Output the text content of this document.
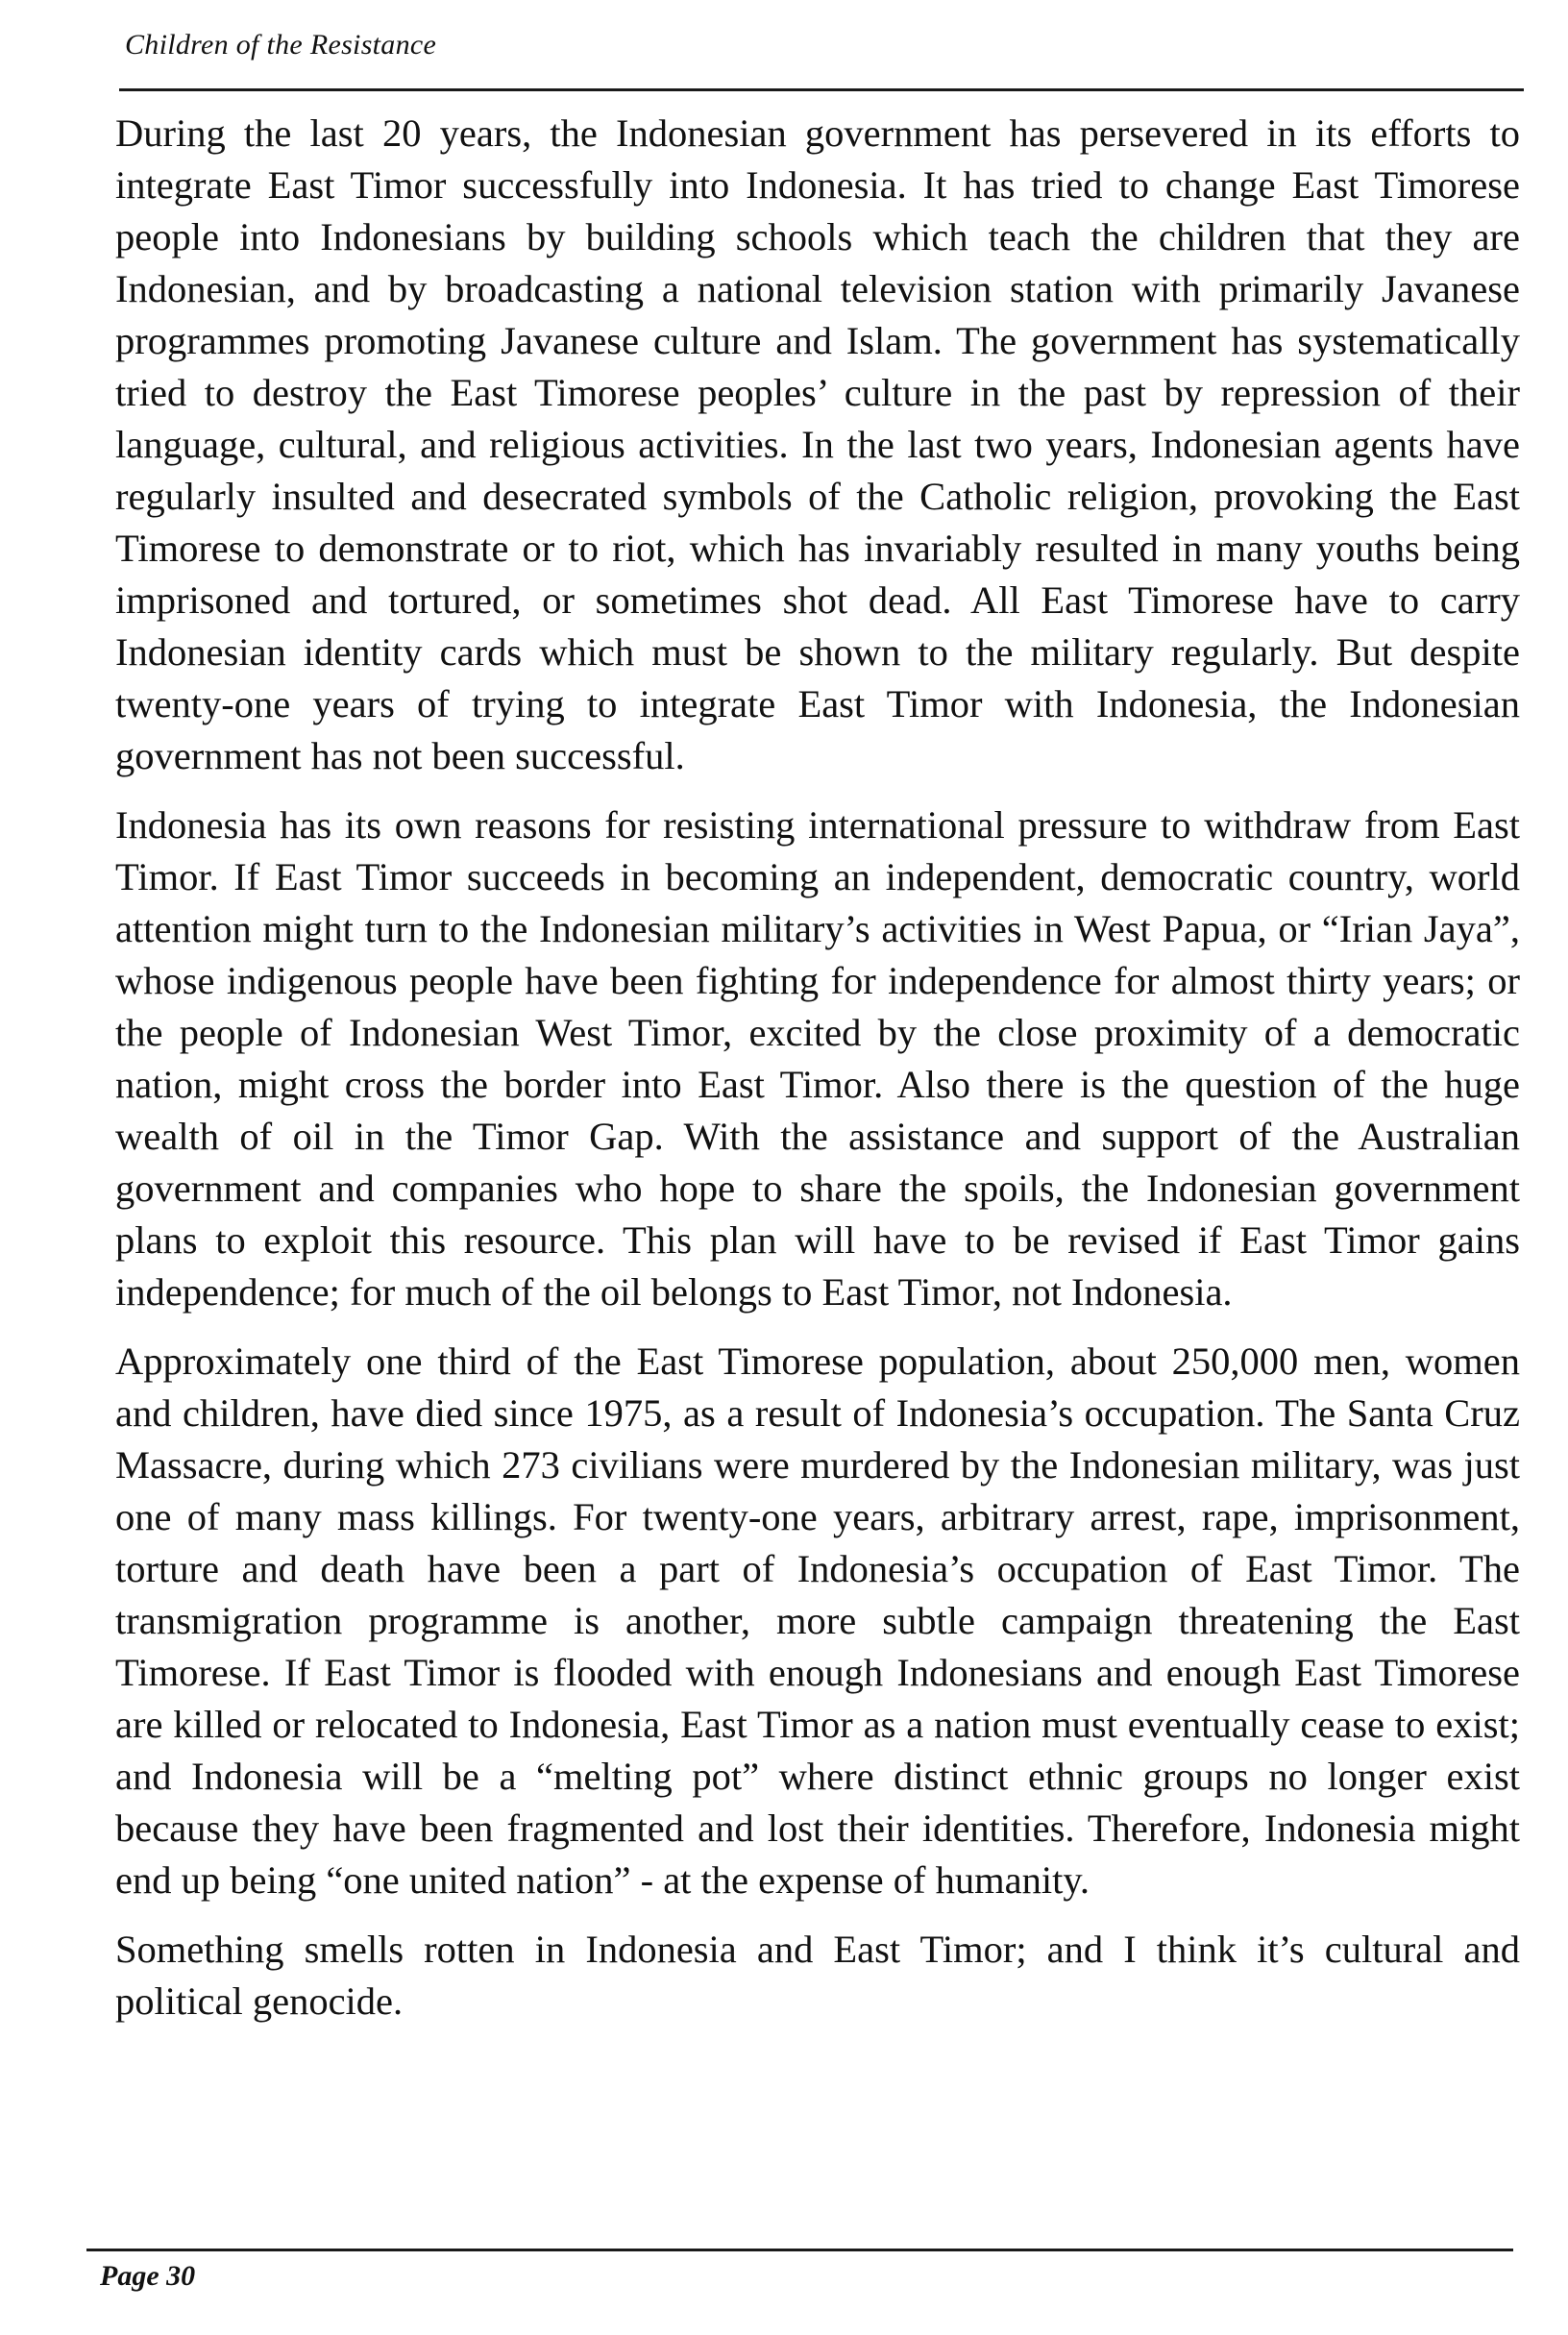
Children of the Resistance

During the last 20 years, the Indonesian government has persevered in its efforts to integrate East Timor successfully into Indonesia. It has tried to change East Timorese people into Indonesians by building schools which teach the children that they are Indonesian, and by broadcasting a national television station with primarily Javanese programmes promoting Javanese culture and Islam. The government has systematically tried to destroy the East Timorese peoples’ culture in the past by repression of their language, cultural, and religious activities. In the last two years, Indonesian agents have regularly insulted and desecrated symbols of the Catholic religion, provoking the East Timorese to demonstrate or to riot, which has invariably resulted in many youths being imprisoned and tortured, or sometimes shot dead. All East Timorese have to carry Indonesian identity cards which must be shown to the military regularly. But despite twenty-one years of trying to integrate East Timor with Indonesia, the Indonesian government has not been successful.

Indonesia has its own reasons for resisting international pressure to withdraw from East Timor. If East Timor succeeds in becoming an independent, democratic country, world attention might turn to the Indonesian military’s activities in West Papua, or “Irian Jaya”, whose indigenous people have been fighting for independence for almost thirty years; or the people of Indonesian West Timor, excited by the close proximity of a democratic nation, might cross the border into East Timor. Also there is the question of the huge wealth of oil in the Timor Gap. With the assistance and support of the Australian government and companies who hope to share the spoils, the Indonesian government plans to exploit this resource. This plan will have to be revised if East Timor gains independence; for much of the oil belongs to East Timor, not Indonesia.

Approximately one third of the East Timorese population, about 250,000 men, women and children, have died since 1975, as a result of Indonesia’s occupation. The Santa Cruz Massacre, during which 273 civilians were murdered by the Indonesian military, was just one of many mass killings. For twenty-one years, arbitrary arrest, rape, imprisonment, torture and death have been a part of Indonesia’s occupation of East Timor. The transmigration programme is another, more subtle campaign threatening the East Timorese. If East Timor is flooded with enough Indonesians and enough East Timorese are killed or relocated to Indonesia, East Timor as a nation must eventually cease to exist; and Indonesia will be a “melting pot” where distinct ethnic groups no longer exist because they have been fragmented and lost their identities. Therefore, Indonesia might end up being “one united nation” - at the expense of humanity.

Something smells rotten in Indonesia and East Timor; and I think it’s cultural and political genocide.

Page 30
